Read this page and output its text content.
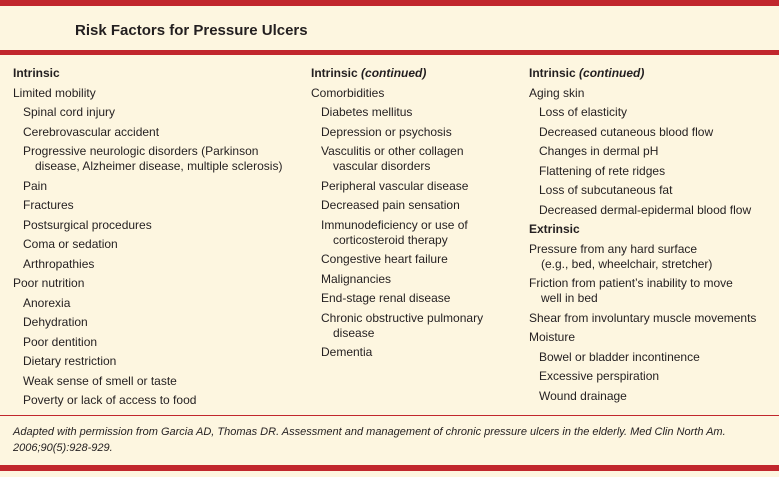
Risk Factors for Pressure Ulcers

Intrinsic

Limited mobility

Spinal cord injury

Cerebrovascular accident

Progressive neurologic disorders (Parkinson
disease, Alzheimer disease, multiple sclerosis)

Pain

Fractures

Postsurgical procedures

Coma or sedation

Arthropathies

Poor nutrition

Anorexia

Dehydration

Poor dentition

Dietary restriction

Weak sense of smell or taste

Poverty or lack of access to food

Intrinsic (continued)

Comorbidities

Diabetes mellitus

Depression or psychosis

Vasculitis or other collagen
vascular disorders

Peripheral vascular disease

Decreased pain sensation

Immunodeficiency or use of
corticosteroid therapy

Congestive heart failure

Malignancies

End-stage renal disease

Chronic obstructive pulmonary
disease

Dementia

Intrinsic (continued)

Aging skin

Loss of elasticity

Decreased cutaneous blood flow

Changes in dermal pH

Flattening of rete ridges

Loss of subcutaneous fat

Decreased dermal-epidermal blood flow

Extrinsic

Pressure from any hard surface
(e.g., bed, wheelchair, stretcher)

Friction from patient’s inability to move
well in bed

Shear from involuntary muscle movements

Moisture

Bowel or bladder incontinence

Excessive perspiration

Wound drainage

Adapted with permission from Garcia AD, Thomas DR. Assessment and management of chronic pressure ulcers in the elderly. Med Clin North Am.
2006;90(5):928-929.
